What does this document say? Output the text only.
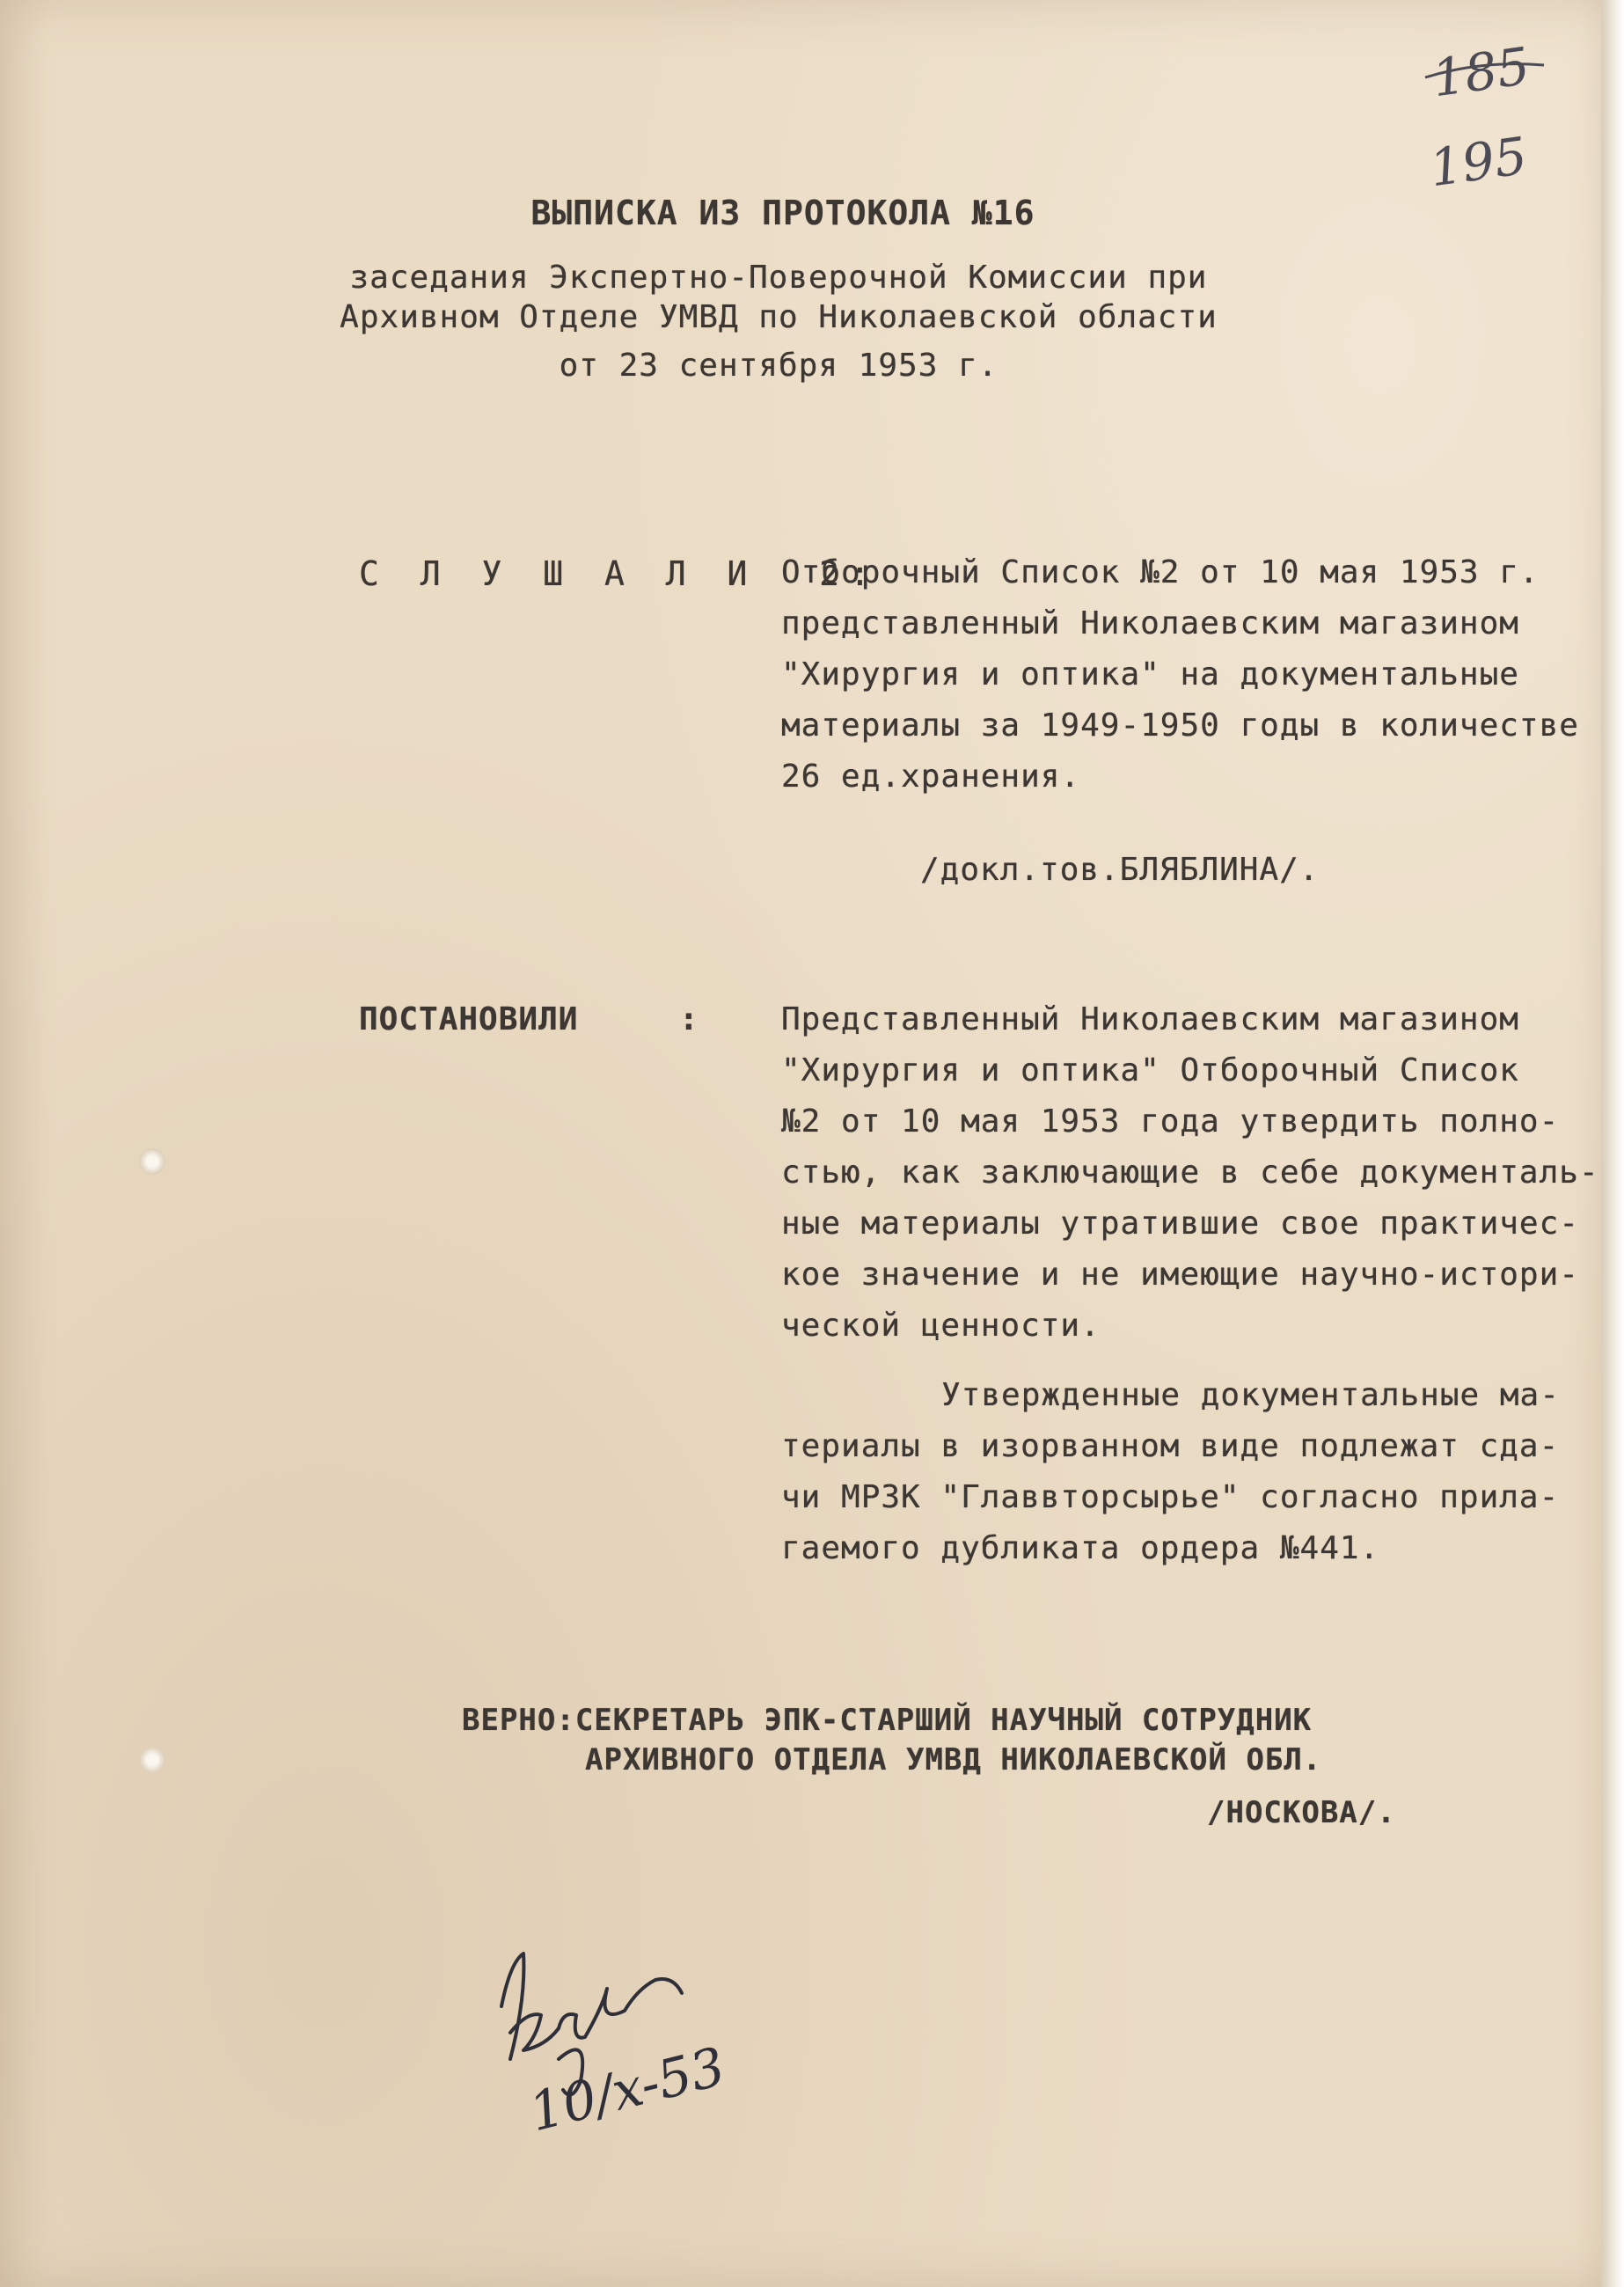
185
195
ВЫПИСКА ИЗ ПРОТОКОЛА №16
заседания Экспертно-Поверочной Комиссии при
Архивном Отделе УМВД по Николаевской области
от 23 сентября 1953 г.
С Л У Ш А Л И  2:
Отборочный Список №2 от 10 мая 1953 г.
представленный Николаевским магазином
"Хирургия и оптика" на документальные
материалы за 1949-1950 годы в количестве
26 ед.хранения.
/докл.тов.БЛЯБЛИНА/.
ПОСТАНОВИЛИ	:	Представленный Николаевским магазином
"Хирургия и оптика" Отборочный Список
№2 от 10 мая 1953 года утвердить полно-
стью, как заключающие в себе документаль-
ные материалы утратившие свое практичес-
кое значение и не имеющие научно-истори-
ческой ценности.
Утвержденные документальные ма-
териалы в изорванном виде подлежат сда-
чи МРЗК "Главвторсырье" согласно прила-
гаемого дубликата ордера №441.
ВЕРНО:СЕКРЕТАРЬ ЭПК-СТАРШИЙ НАУЧНЫЙ СОТРУДНИК
АРХИВНОГО ОТДЕЛА УМВД НИКОЛАЕВСКОЙ ОБЛ.
/НОСКОВА/.
10/x-53
